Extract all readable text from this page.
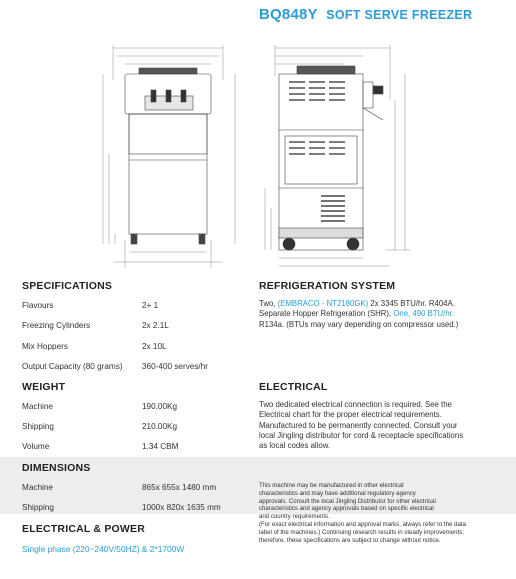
BQ848Y SOFT SERVE FREEZER
SPECIFICATIONS
Flavours	2+ 1
Freezing Cylinders	2x 2.1L
Mix Hoppers	2x 10L
Output Capacity (80 grams) 360-400 serves/hr
WEIGHT
Machine	190.00Kg
Shipping	210.00Kg
Volume	1.34 CBM
DIMENSIONS
Machine	865x 655x 1480 mm
Shipping	1000x 820x 1635 mm
ELECTRICAL & POWER
Single phase (220~240V/50HZ) & 2*1700W
REFRIGERATION SYSTEM
Two, (EMBRACO - NT2180GK) 2x 3345 BTU/hr. R404A.
Separate Hopper Refrigeration (SHR), One, 490 BTU/hr.
R134a. (BTUs may vary depending on compressor used.)
ELECTRICAL
Two dedicated electrical connection is required. See the
Electrical chart for the proper electrical requirements.
Manufactured to be permanently connected. Consult your
local Jingling distributor for cord & receptacle specifications
as local codes allow.
This machine may be manufactured in other electrical
characteristics and may have additional regulatory agency
approvals. Consult the local Jingling Distributor for other electrical
characteristics and agency approvals based on specific electrical
and country requirements.
(For exact electrical information and approval marks, always refer to the data
label of the machines.) Continuing research results in steady improvements;
therefore, these specifications are subject to change without notice.
